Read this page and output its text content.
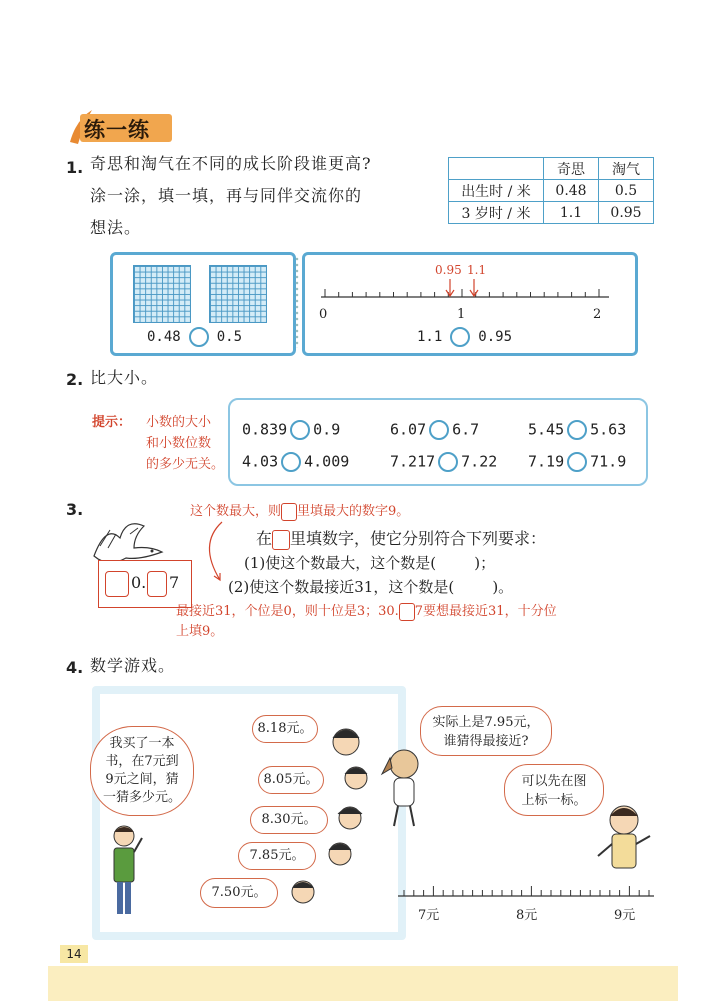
练一练
1. 奇思和淘气在不同的成长阶段谁更高?
涂一涂，填一填，再与同伴交流你的
想法。
	奇思	淘气
出生时 / 米	0.48	0.5
3 岁时 / 米	1.1	0.95
0.48	0.5
0.95 1.1
0	1	2
1.1	0.95
2. 比大小。
提示： 小数的大小
和小数位数
的多少无关。
0.839 0.9	6.07 6.7	5.45 5.63
4.03 4.009	7.217 7.22 7.19 71.9
3.	这个数最大，则 里填最大的数字9。
0. 7
在 里填数字，使它分别符合下列要求：
(1)使这个数最大，这个数是(        )；
(2)使这个数最接近31，这个数是(        )。
最接近31，个位是0，则十位是3；30. 7要想最接近31，十分位
上填9。
4. 数学游戏。
我买了一本
书，在7元到
9元之间，猜
一猜多少元。
8.18元。
8.05元。
8.30元。
7.85元。
7.50元。
实际上是7.95元，
谁猜得最接近?
可以先在图
上标一标。
7元	8元	9元
14
